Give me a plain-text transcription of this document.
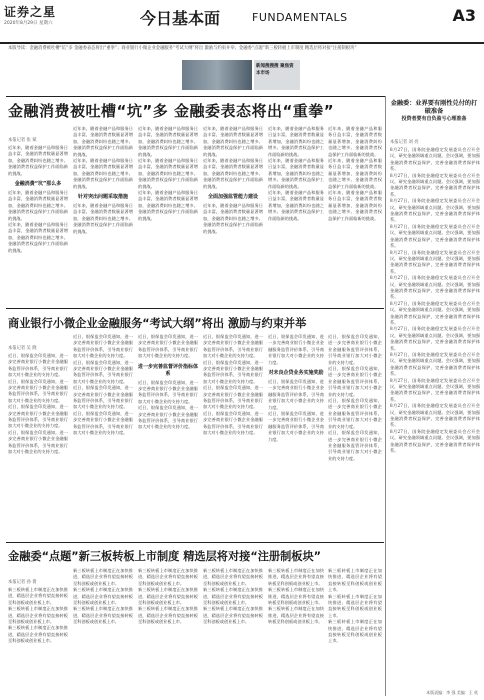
证券之星
2020年8月29日 星期六	今日基本面	FUNDAMENTALS	A3
本版导读：金融消费被吐槽“坑”多 金融委表态将出“重拳”；商业银行小微企业金融服务“考试大纲”将出 激励与约束并举；金融委“点题”新三板转板上市制度 精选层将对接“注册制板块”
新闻搜搜搜 聚焦资本市场
金融消费被吐槽“坑”多 金融委表态将出“重拳”
本报记者 张 斌
近年来，随着金融产品和服务日益丰富，金融消费者数量显著增加，金融消费纠纷也随之增多。金融消费者权益保护工作面临新的挑战。
金融消费“坑”那么多
近年来，随着金融产品和服务日益丰富，金融消费者数量显著增加，金融消费纠纷也随之增多。金融消费者权益保护工作面临新的挑战。
近年来，随着金融产品和服务日益丰富，金融消费者数量显著增加，金融消费纠纷也随之增多。金融消费者权益保护工作面临新的挑战。
近年来，随着金融产品和服务日益丰富，金融消费者数量显著增加，金融消费纠纷也随之增多。金融消费者权益保护工作面临新的挑战。
近年来，随着金融产品和服务日益丰富，金融消费者数量显著增加，金融消费纠纷也随之增多。金融消费者权益保护工作面临新的挑战。
针对突出问题采取措施
近年来，随着金融产品和服务日益丰富，金融消费者数量显著增加，金融消费纠纷也随之增多。金融消费者权益保护工作面临新的挑战。
近年来，随着金融产品和服务日益丰富，金融消费者数量显著增加，金融消费纠纷也随之增多。金融消费者权益保护工作面临新的挑战。
近年来，随着金融产品和服务日益丰富，金融消费者数量显著增加，金融消费纠纷也随之增多。金融消费者权益保护工作面临新的挑战。
近年来，随着金融产品和服务日益丰富，金融消费者数量显著增加，金融消费纠纷也随之增多。金融消费者权益保护工作面临新的挑战。
近年来，随着金融产品和服务日益丰富，金融消费者数量显著增加，金融消费纠纷也随之增多。金融消费者权益保护工作面临新的挑战。
近年来，随着金融产品和服务日益丰富，金融消费者数量显著增加，金融消费纠纷也随之增多。金融消费者权益保护工作面临新的挑战。
全面加强监管能力建设
近年来，随着金融产品和服务日益丰富，金融消费者数量显著增加，金融消费纠纷也随之增多。金融消费者权益保护工作面临新的挑战。
近年来，随着金融产品和服务日益丰富，金融消费者数量显著增加，金融消费纠纷也随之增多。金融消费者权益保护工作面临新的挑战。
近年来，随着金融产品和服务日益丰富，金融消费者数量显著增加，金融消费纠纷也随之增多。金融消费者权益保护工作面临新的挑战。
近年来，随着金融产品和服务日益丰富，金融消费者数量显著增加，金融消费纠纷也随之增多。金融消费者权益保护工作面临新的挑战。
近年来，随着金融产品和服务日益丰富，金融消费者数量显著增加，金融消费纠纷也随之增多。金融消费者权益保护工作面临新的挑战。
近年来，随着金融产品和服务日益丰富，金融消费者数量显著增加，金融消费纠纷也随之增多。金融消费者权益保护工作面临新的挑战。
近年来，随着金融产品和服务日益丰富，金融消费者数量显著增加，金融消费纠纷也随之增多。金融消费者权益保护工作面临新的挑战。
金融委：业界要有刚性兑付的打破准备
投资者要有自负盈亏心理准备
本报记者 刘 亮
8月27日，国务院金融稳定发展委员会召开会议，研究金融领域重点问题。会议强调，要加强金融消费者权益保护，完善金融消费者保护体系。
8月27日，国务院金融稳定发展委员会召开会议，研究金融领域重点问题。会议强调，要加强金融消费者权益保护，完善金融消费者保护体系。
8月27日，国务院金融稳定发展委员会召开会议，研究金融领域重点问题。会议强调，要加强金融消费者权益保护，完善金融消费者保护体系。
8月27日，国务院金融稳定发展委员会召开会议，研究金融领域重点问题。会议强调，要加强金融消费者权益保护，完善金融消费者保护体系。
8月27日，国务院金融稳定发展委员会召开会议，研究金融领域重点问题。会议强调，要加强金融消费者权益保护，完善金融消费者保护体系。
8月27日，国务院金融稳定发展委员会召开会议，研究金融领域重点问题。会议强调，要加强金融消费者权益保护，完善金融消费者保护体系。
8月27日，国务院金融稳定发展委员会召开会议，研究金融领域重点问题。会议强调，要加强金融消费者权益保护，完善金融消费者保护体系。
8月27日，国务院金融稳定发展委员会召开会议，研究金融领域重点问题。会议强调，要加强金融消费者权益保护，完善金融消费者保护体系。
8月27日，国务院金融稳定发展委员会召开会议，研究金融领域重点问题。会议强调，要加强金融消费者权益保护，完善金融消费者保护体系。
8月27日，国务院金融稳定发展委员会召开会议，研究金融领域重点问题。会议强调，要加强金融消费者权益保护，完善金融消费者保护体系。
8月27日，国务院金融稳定发展委员会召开会议，研究金融领域重点问题。会议强调，要加强金融消费者权益保护，完善金融消费者保护体系。
8月27日，国务院金融稳定发展委员会召开会议，研究金融领域重点问题。会议强调，要加强金融消费者权益保护，完善金融消费者保护体系。
商业银行小微企业金融服务“考试大纲”将出 激励与约束并举
本报记者 吴 晓
近日，银保监会印发通知，进一步完善商业银行小微企业金融服务监管评价体系，引导商业银行加大对小微企业的支持力度。
近日，银保监会印发通知，进一步完善商业银行小微企业金融服务监管评价体系，引导商业银行加大对小微企业的支持力度。
近日，银保监会印发通知，进一步完善商业银行小微企业金融服务监管评价体系，引导商业银行加大对小微企业的支持力度。
近日，银保监会印发通知，进一步完善商业银行小微企业金融服务监管评价体系，引导商业银行加大对小微企业的支持力度。
近日，银保监会印发通知，进一步完善商业银行小微企业金融服务监管评价体系，引导商业银行加大对小微企业的支持力度。
近日，银保监会印发通知，进一步完善商业银行小微企业金融服务监管评价体系，引导商业银行加大对小微企业的支持力度。
近日，银保监会印发通知，进一步完善商业银行小微企业金融服务监管评价体系，引导商业银行加大对小微企业的支持力度。
近日，银保监会印发通知，进一步完善商业银行小微企业金融服务监管评价体系，引导商业银行加大对小微企业的支持力度。
近日，银保监会印发通知，进一步完善商业银行小微企业金融服务监管评价体系，引导商业银行加大对小微企业的支持力度。
进一步完善监督评价指标体系
近日，银保监会印发通知，进一步完善商业银行小微企业金融服务监管评价体系，引导商业银行加大对小微企业的支持力度。
近日，银保监会印发通知，进一步完善商业银行小微企业金融服务监管评价体系，引导商业银行加大对小微企业的支持力度。
近日，银保监会印发通知，进一步完善商业银行小微企业金融服务监管评价体系，引导商业银行加大对小微企业的支持力度。
近日，银保监会印发通知，进一步完善商业银行小微企业金融服务监管评价体系，引导商业银行加大对小微企业的支持力度。
近日，银保监会印发通知，进一步完善商业银行小微企业金融服务监管评价体系，引导商业银行加大对小微企业的支持力度。
近日，银保监会印发通知，进一步完善商业银行小微企业金融服务监管评价体系，引导商业银行加大对小微企业的支持力度。
近日，银保监会印发通知，进一步完善商业银行小微企业金融服务监管评价体系，引导商业银行加大对小微企业的支持力度。
对未良企贷业务实施奖励
近日，银保监会印发通知，进一步完善商业银行小微企业金融服务监管评价体系，引导商业银行加大对小微企业的支持力度。
近日，银保监会印发通知，进一步完善商业银行小微企业金融服务监管评价体系，引导商业银行加大对小微企业的支持力度。
近日，银保监会印发通知，进一步完善商业银行小微企业金融服务监管评价体系，引导商业银行加大对小微企业的支持力度。
近日，银保监会印发通知，进一步完善商业银行小微企业金融服务监管评价体系，引导商业银行加大对小微企业的支持力度。
近日，银保监会印发通知，进一步完善商业银行小微企业金融服务监管评价体系，引导商业银行加大对小微企业的支持力度。
近日，银保监会印发通知，进一步完善商业银行小微企业金融服务监管评价体系，引导商业银行加大对小微企业的支持力度。
金融委“点题”新三板转板上市制度 精选层将对接“注册制板块”
本报记者 孙 倩
新三板转板上市制度正在加快推进，精选层企业将有望直接转板至科创板或创业板上市。
新三板转板上市制度正在加快推进，精选层企业将有望直接转板至科创板或创业板上市。
新三板转板上市制度正在加快推进，精选层企业将有望直接转板至科创板或创业板上市。
新三板转板上市制度正在加快推进，精选层企业将有望直接转板至科创板或创业板上市。
新三板转板上市制度正在加快推进，精选层企业将有望直接转板至科创板或创业板上市。
新三板转板上市制度正在加快推进，精选层企业将有望直接转板至科创板或创业板上市。
新三板转板上市制度正在加快推进，精选层企业将有望直接转板至科创板或创业板上市。
新三板转板上市制度正在加快推进，精选层企业将有望直接转板至科创板或创业板上市。
新三板转板上市制度正在加快推进，精选层企业将有望直接转板至科创板或创业板上市。
新三板转板上市制度正在加快推进，精选层企业将有望直接转板至科创板或创业板上市。
新三板转板上市制度正在加快推进，精选层企业将有望直接转板至科创板或创业板上市。
新三板转板上市制度正在加快推进，精选层企业将有望直接转板至科创板或创业板上市。
新三板转板上市制度正在加快推进，精选层企业将有望直接转板至科创板或创业板上市。
新三板转板上市制度正在加快推进，精选层企业将有望直接转板至科创板或创业板上市。
新三板转板上市制度正在加快推进，精选层企业将有望直接转板至科创板或创业板上市。
新三板转板上市制度正在加快推进，精选层企业将有望直接转板至科创板或创业板上市。
新三板转板上市制度正在加快推进，精选层企业将有望直接转板至科创板或创业板上市。
新三板转板上市制度正在加快推进，精选层企业将有望直接转板至科创板或创业板上市。
本版责编：李 强 美编：王 欣
